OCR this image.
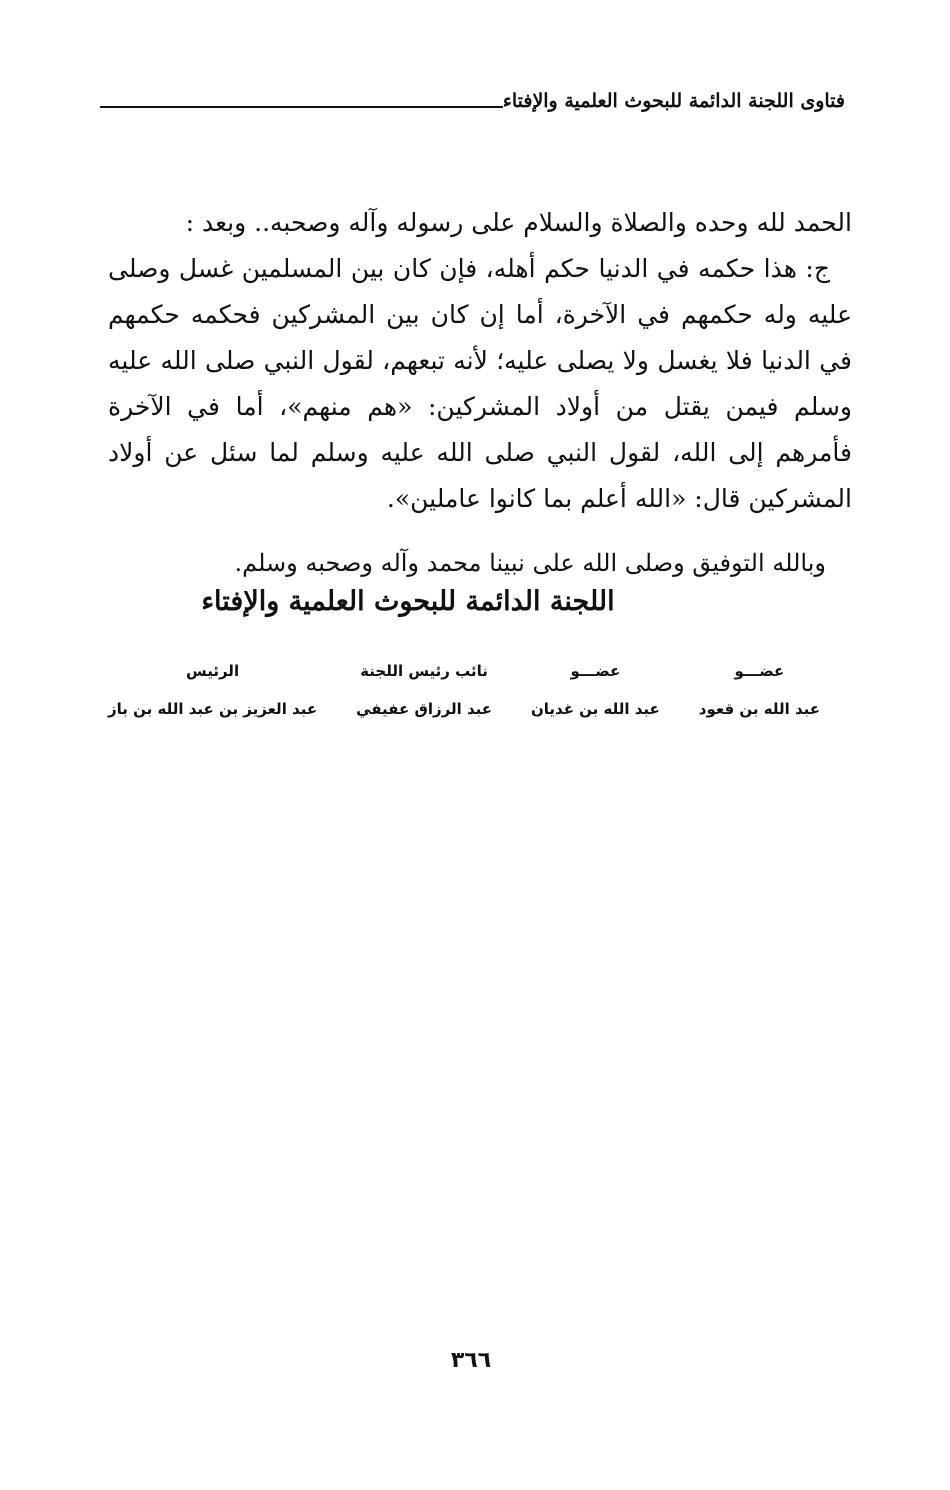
فتاوى اللجنة الدائمة للبحوث العلمية والإفتاء

الحمد لله وحده والصلاة والسلام على رسوله وآله وصحبه.. وبعد :

ج: هذا حكمه في الدنيا حكم أهله، فإن كان بين المسلمين غسل وصلى عليه وله حكمهم في الآخرة، أما إن كان بين المشركين فحكمه حكمهم في الدنيا فلا يغسل ولا يصلى عليه؛ لأنه تبعهم، لقول النبي صلى الله عليه وسلم فيمن يقتل من أولاد المشركين: «هم منهم»، أما في الآخرة فأمرهم إلى الله، لقول النبي صلى الله عليه وسلم لما سئل عن أولاد المشركين قال: «الله أعلم بما كانوا عاملين».

وبالله التوفيق وصلى الله على نبينا محمد وآله وصحبه وسلم.
اللجنة الدائمة للبحوث العلمية والإفتاء
عضـــو
عبد الله بن قعود
عضـــو
عبد الله بن غديان
نائب رئيس اللجنة
عبد الرزاق عفيفي
الرئيس
عبد العزيز بن عبد الله بن باز
٣٦٦
